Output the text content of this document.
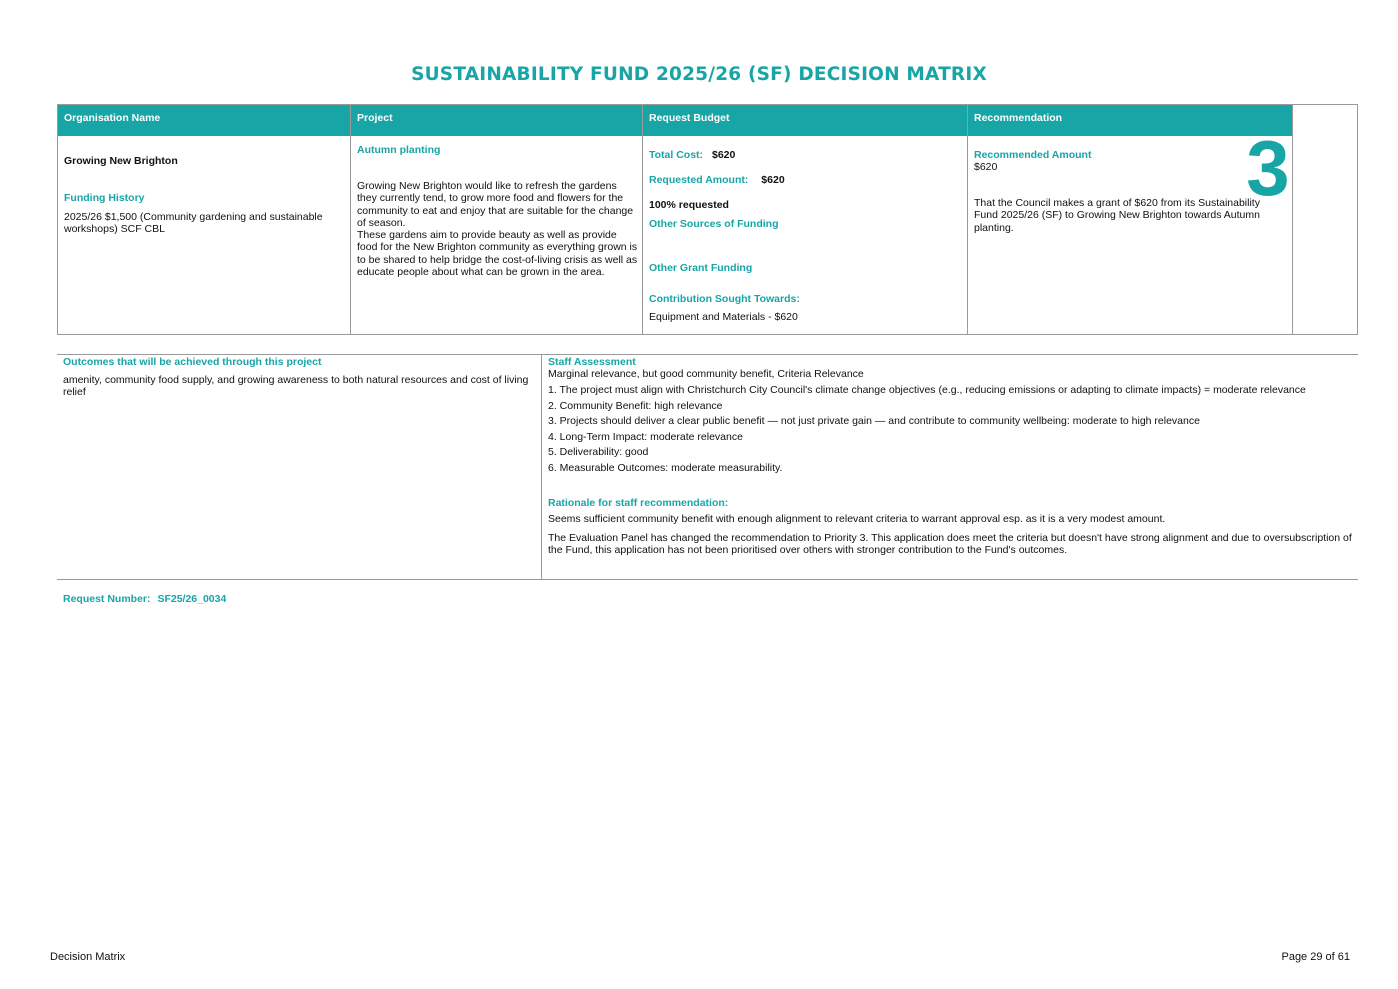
SUSTAINABILITY FUND 2025/26 (SF) DECISION MATRIX
Organisation Name
Growing New Brighton
Funding History
2025/26 $1,500 (Community gardening and sustainable workshops) SCF CBL
Project
Autumn planting
Growing New Brighton would like to refresh the gardens they currently tend, to grow more food and flowers for the community to eat and enjoy that are suitable for the change of season.
These gardens aim to provide beauty as well as provide food for the New Brighton community as everything grown is to be shared to help bridge the cost-of-living crisis as well as educate people about what can be grown in the area.
Request Budget
Total Cost: $620
Requested Amount: $620
100% requested
Other Sources of Funding
Other Grant Funding
Contribution Sought Towards:
Equipment and Materials - $620
Recommendation
Recommended Amount
$620
That the Council makes a grant of $620 from its Sustainability Fund 2025/26 (SF) to Growing New Brighton towards Autumn planting.
3
Outcomes that will be achieved through this project
amenity, community food supply, and growing awareness to both natural resources and cost of living relief
Staff Assessment
Marginal relevance, but good community benefit, Criteria Relevance
1. The project must align with Christchurch City Council's climate change objectives (e.g., reducing emissions or adapting to climate impacts) = moderate relevance
2. Community Benefit: high relevance
3. Projects should deliver a clear public benefit — not just private gain — and contribute to community wellbeing: moderate to high relevance
4. Long-Term Impact: moderate relevance
5. Deliverability: good
6. Measurable Outcomes: moderate measurability.
Rationale for staff recommendation:
Seems sufficient community benefit with enough alignment to relevant criteria to warrant approval esp. as it is a very modest amount.
The Evaluation Panel has changed the recommendation to Priority 3. This application does meet the criteria but doesn't have strong alignment and due to oversubscription of the Fund, this application has not been prioritised over others with stronger contribution to the Fund's outcomes.
Request Number: SF25/26_0034
Decision Matrix	Page 29 of 61
